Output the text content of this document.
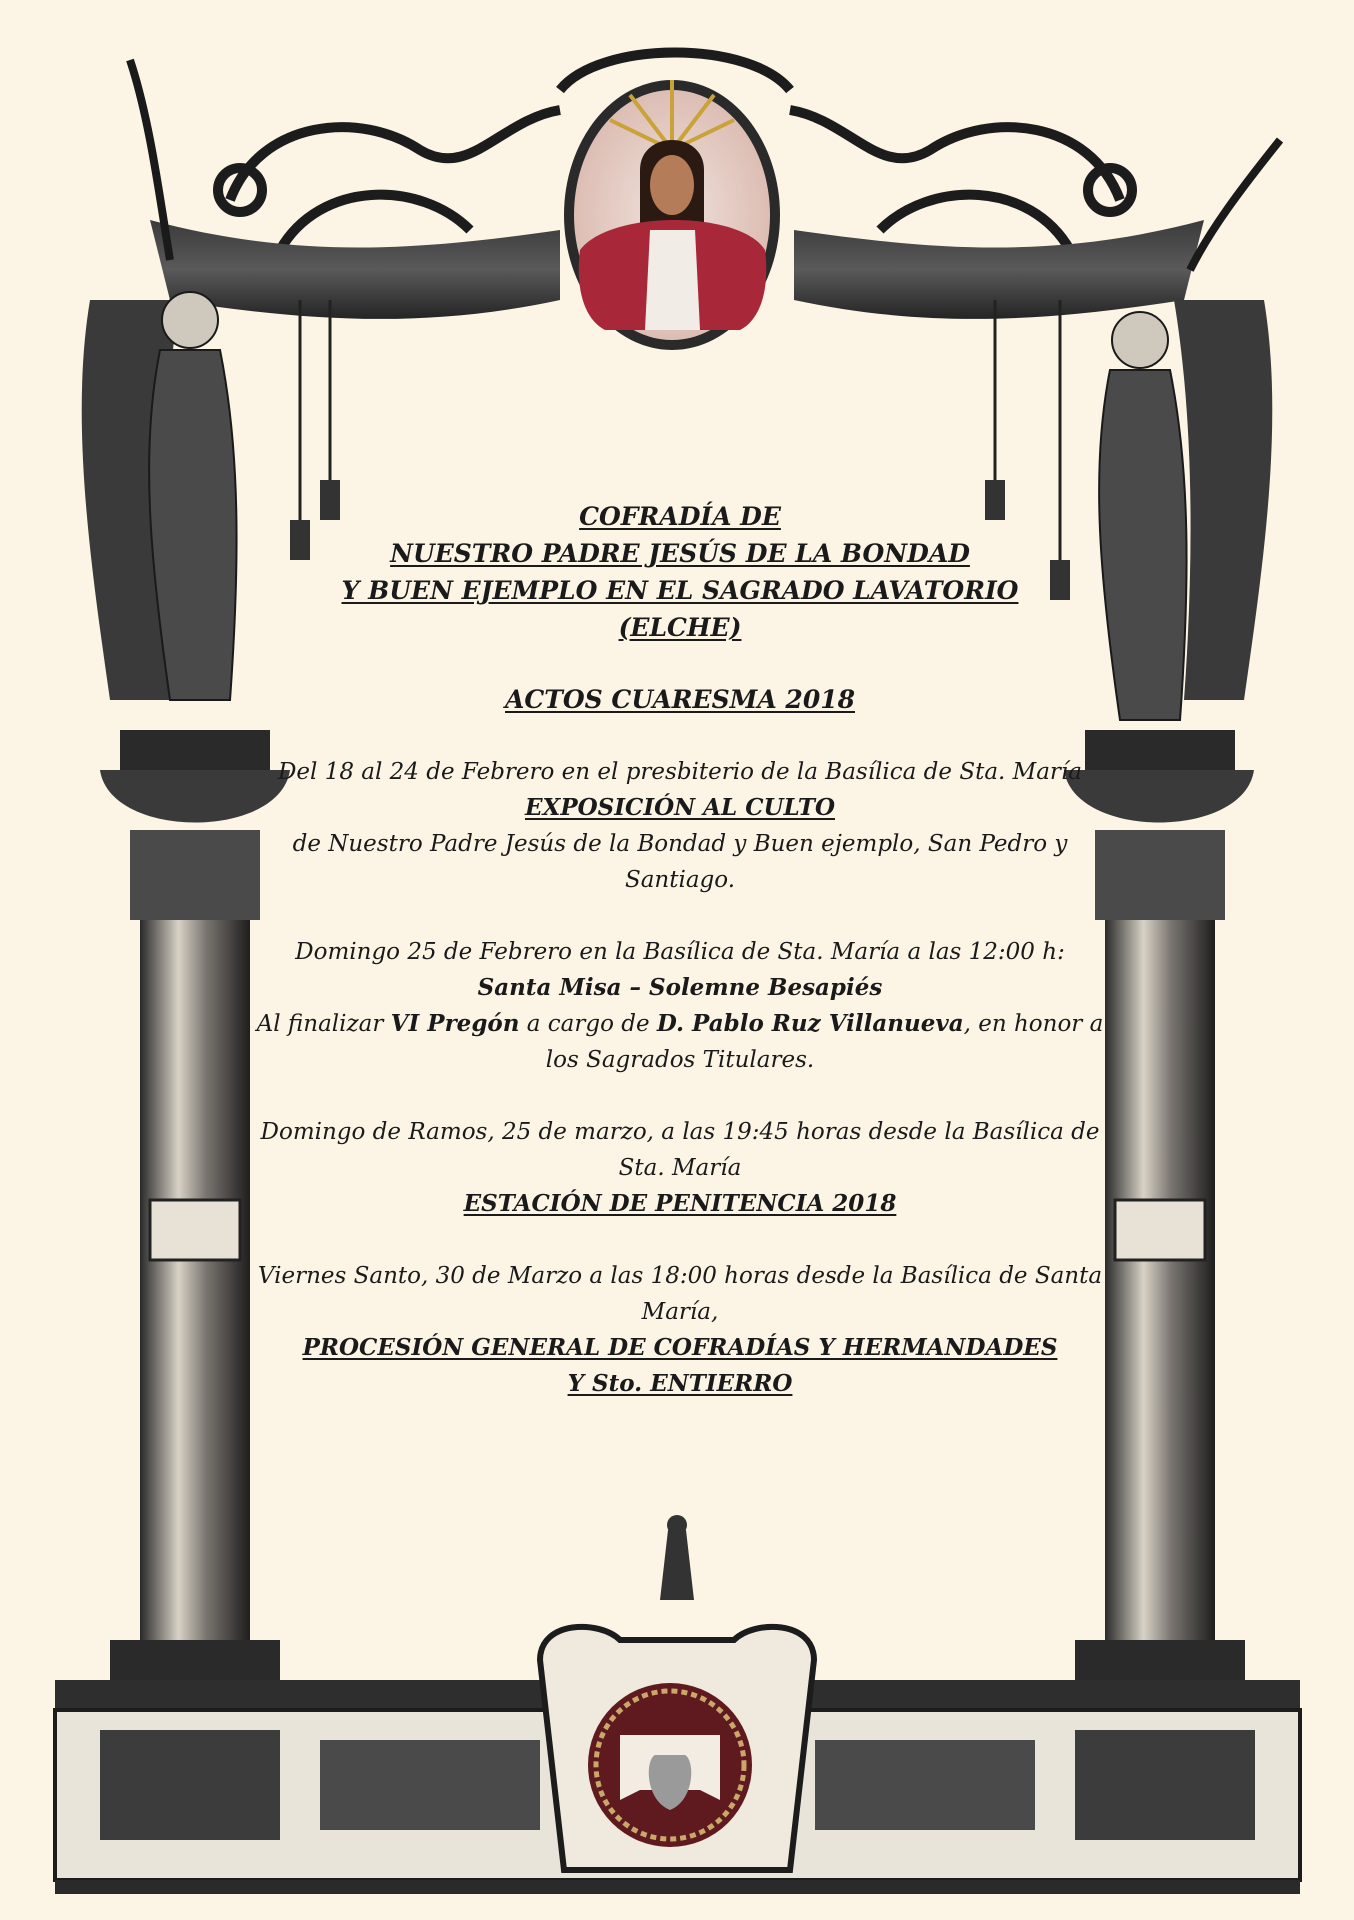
COFRADÍA DE
NUESTRO PADRE JESÚS DE LA BONDAD
Y BUEN EJEMPLO EN EL SAGRADO LAVATORIO
(ELCHE)
ACTOS CUARESMA 2018

Del 18 al 24 de Febrero en el presbiterio de la Basílica de Sta. María

EXPOSICIÓN AL CULTO

de Nuestro Padre Jesús de la Bondad y Buen ejemplo, San Pedro y Santiago.

Domingo 25 de Febrero en la Basílica de Sta. María a las 12:00 h:

Santa Misa – Solemne Besapiés

Al finalizar VI Pregón a cargo de D. Pablo Ruz Villanueva, en honor a los Sagrados Titulares.

Domingo de Ramos, 25 de marzo, a las 19:45 horas desde la Basílica de Sta. María

ESTACIÓN DE PENITENCIA 2018

Viernes Santo, 30 de Marzo a las 18:00 horas desde la Basílica de Santa María,

PROCESIÓN GENERAL DE COFRADÍAS Y HERMANDADES

Y Sto. ENTIERRO
